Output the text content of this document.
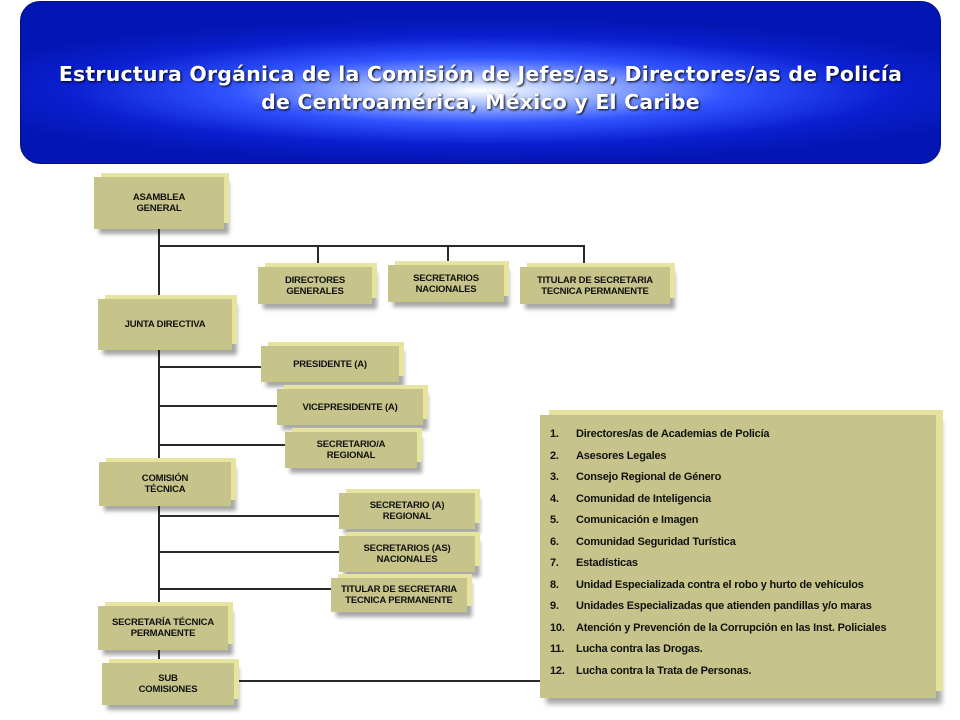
Estructura Orgánica de la Comisión de Jefes/as, Directores/as de Policía
de Centroamérica, México y El Caribe
ASAMBLEA
GENERAL
DIRECTORES
GENERALES
SECRETARIOS
NACIONALES
TITULAR DE SECRETARIA
TECNICA PERMANENTE
JUNTA DIRECTIVA
PRESIDENTE (A)
VICEPRESIDENTE (A)
SECRETARIO/A
REGIONAL
COMISIÓN
TÉCNICA
SECRETARIO (A)
REGIONAL
SECRETARIOS (AS)
NACIONALES
TITULAR DE SECRETARIA
TECNICA PERMANENTE
SECRETARÍA TÉCNICA
PERMANENTE
SUB
COMISIONES
1. Directores/as de Academias de Policía
2. Asesores Legales
3. Consejo Regional de Género
4. Comunidad de Inteligencia
5. Comunicación e Imagen
6. Comunidad Seguridad Turística
7. Estadísticas
8. Unidad Especializada contra el robo y hurto de vehículos
9. Unidades Especializadas que atienden pandillas y/o maras
10. Atención y Prevención de la Corrupción en las Inst. Policiales
11. Lucha contra las Drogas.
12. Lucha contra la Trata de Personas.
